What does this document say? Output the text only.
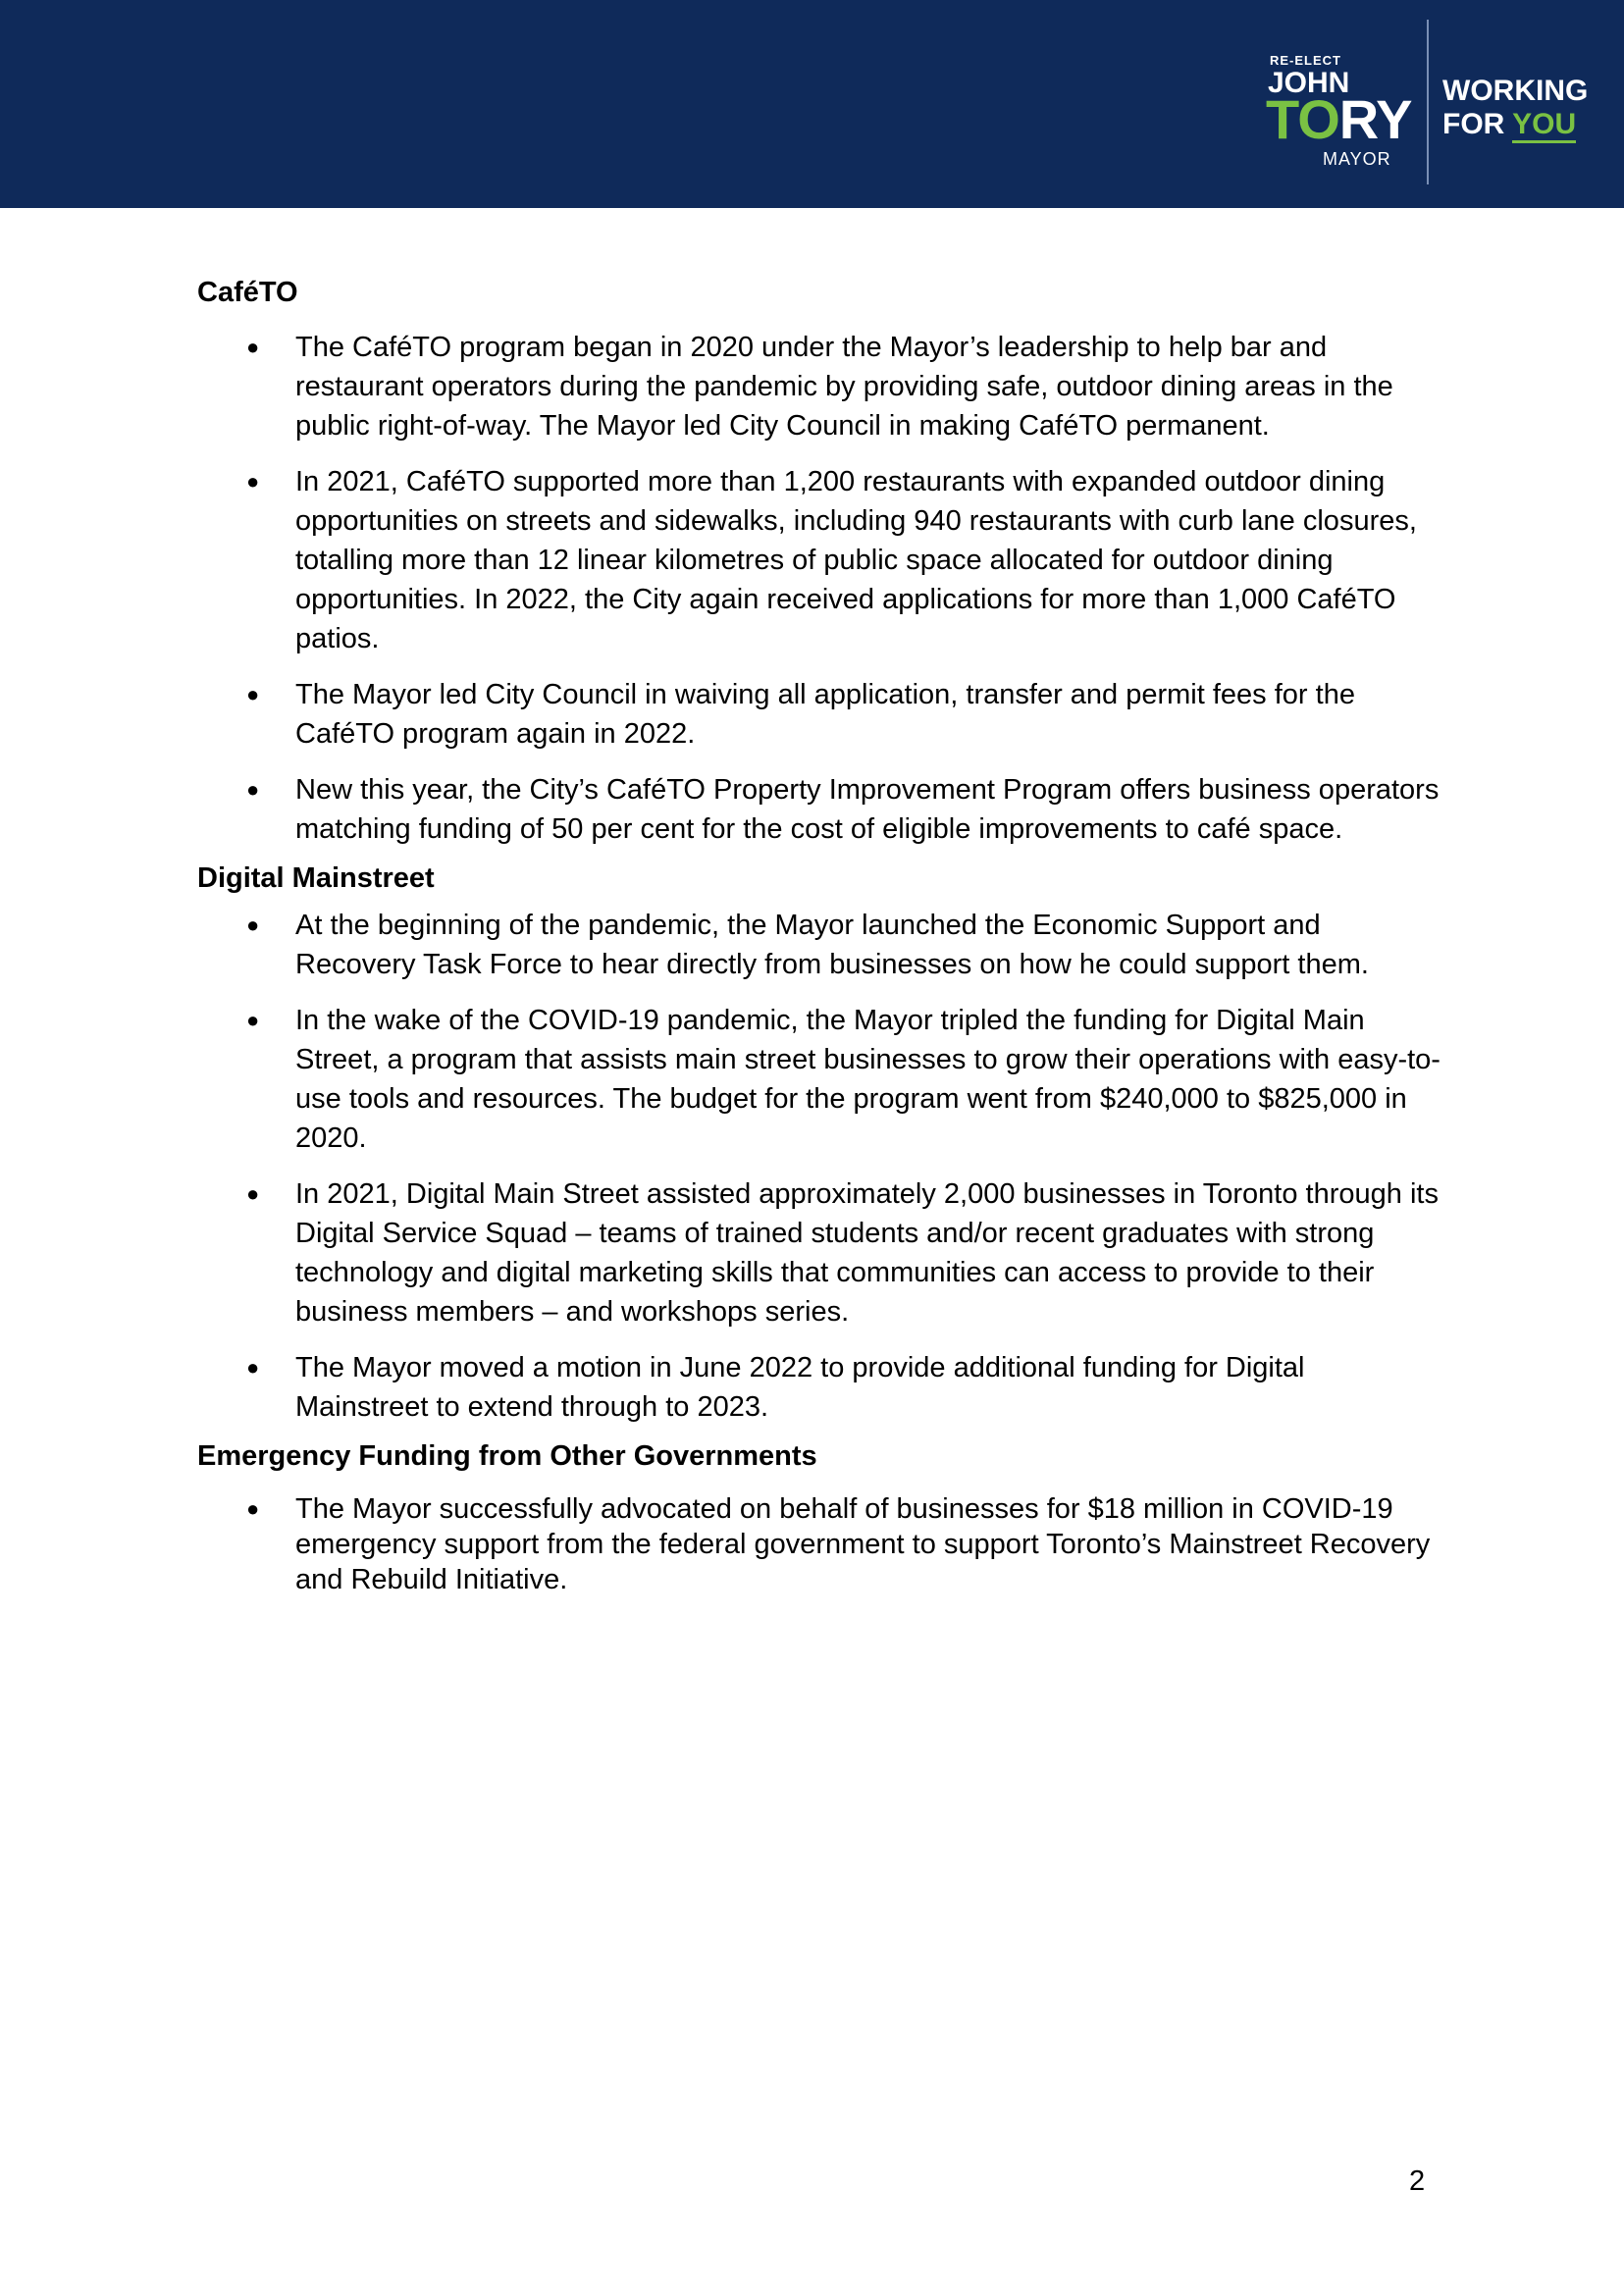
RE-ELECT
JOHN
TORY
MAYOR
WORKING
FOR YOU
CaféTO
● The CaféTO program began in 2020 under the Mayor’s leadership to help bar and restaurant operators during the pandemic by providing safe, outdoor dining areas in the public right-of-way. The Mayor led City Council in making CaféTO permanent.
● In 2021, CaféTO supported more than 1,200 restaurants with expanded outdoor dining opportunities on streets and sidewalks, including 940 restaurants with curb lane closures, totalling more than 12 linear kilometres of public space allocated for outdoor dining opportunities. In 2022, the City again received applications for more than 1,000 CaféTO patios.
● The Mayor led City Council in waiving all application, transfer and permit fees for the CaféTO program again in 2022.
● New this year, the City’s CaféTO Property Improvement Program offers business operators matching funding of 50 per cent for the cost of eligible improvements to café space.
Digital Mainstreet
● At the beginning of the pandemic, the Mayor launched the Economic Support and Recovery Task Force to hear directly from businesses on how he could support them.
● In the wake of the COVID-19 pandemic, the Mayor tripled the funding for Digital Main Street, a program that assists main street businesses to grow their operations with easy-to-use tools and resources. The budget for the program went from $240,000 to $825,000 in 2020.
● In 2021, Digital Main Street assisted approximately 2,000 businesses in Toronto through its Digital Service Squad – teams of trained students and/or recent graduates with strong technology and digital marketing skills that communities can access to provide to their business members – and workshops series.
● The Mayor moved a motion in June 2022 to provide additional funding for Digital Mainstreet to extend through to 2023.
Emergency Funding from Other Governments
● The Mayor successfully advocated on behalf of businesses for $18 million in COVID-19 emergency support from the federal government to support Toronto’s Mainstreet Recovery and Rebuild Initiative.
2
